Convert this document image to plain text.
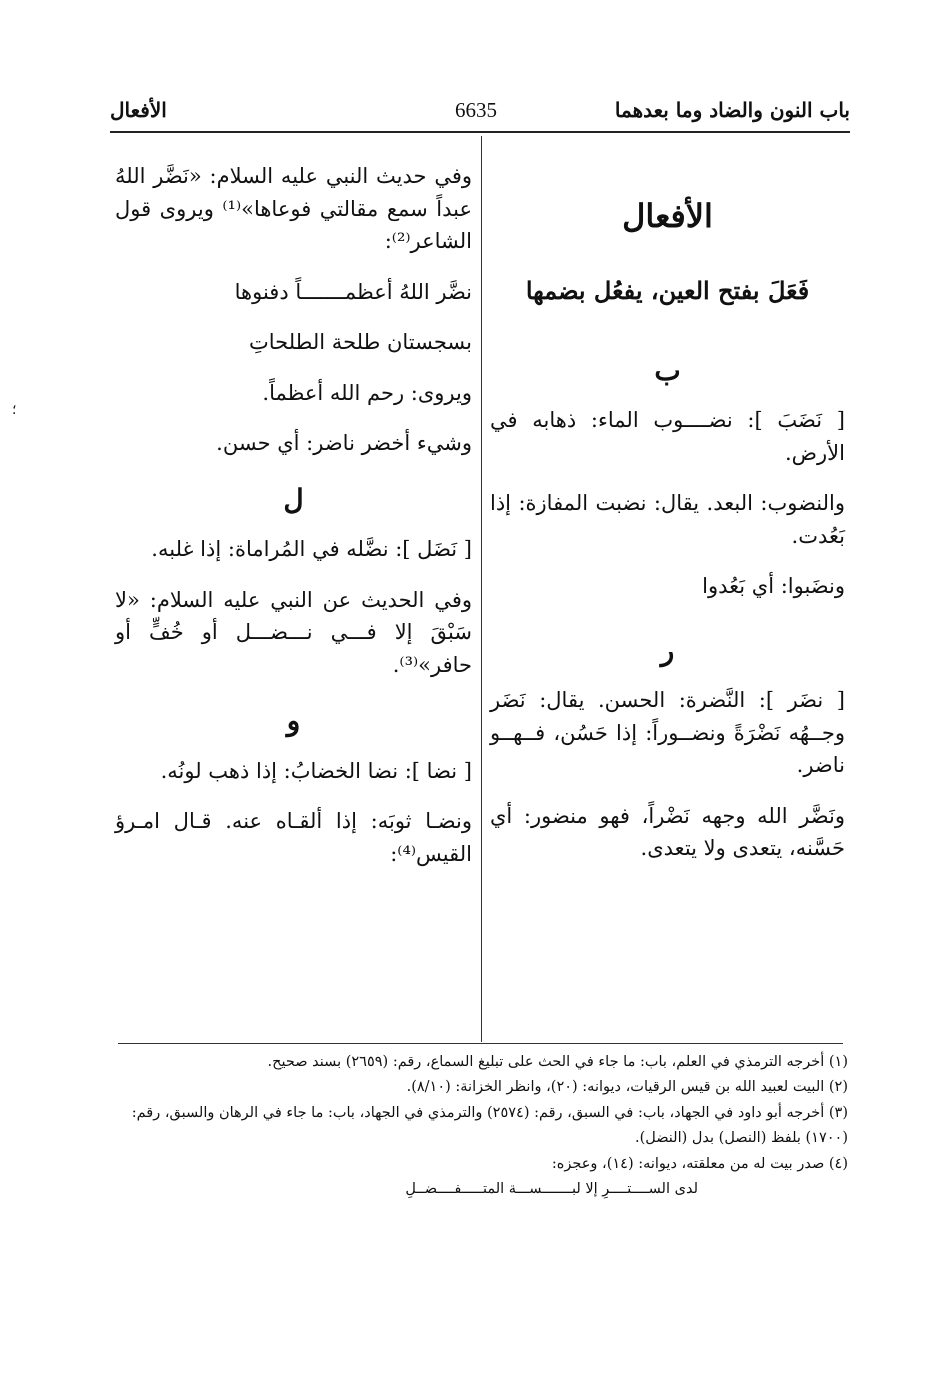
باب النون والضاد وما بعدهما
6635
الأفعال
الأفعال
فَعَلَ بفتح العين، يفعُل بضمها
ب

[ نَضَبَ ]: نضــــوب الماء: ذهابه في الأرض.

والنضوب: البعد. يقال: نضبت المفازة: إذا بَعُدت.

ونضَبوا: أي بَعُدوا

ر

[ نضَر ]: النَّضرة: الحسن. يقال: نَضَر وجــهُه نَضْرَةً ونضــوراً: إذا حَسُن، فــهــو ناضر.

ونَضَّر الله وجهه نَضْراً، فهو منضور: أي حَسَّنه، يتعدى ولا يتعدى.

وفي حديث النبي عليه السلام: «نَضَّر اللهُ عبداً سمع مقالتي فوعاها»⁽¹⁾ ويروى قول الشاعر⁽²⁾:

نضَّر اللهُ أعظمـــــــاً دفنوها

بسجستان طلحة الطلحاتِ

ويروى: رحم الله أعظماً.

وشيء أخضر ناضر: أي حسن.

ل

[ نَضَل ]: نضَّله في المُراماة: إذا غلبه.

وفي الحديث عن النبي عليه السلام: «لا سَبْقَ إلا فـــي نـــضـــل أو خُفٍّ أو حافر»⁽³⁾.

و

[ نضا ]: نضا الخضابُ: إذا ذهب لونُه.

ونضـا ثوبَه: إذا ألقـاه عنه. قـال امـرؤ القيس⁽⁴⁾:

(١) أخرجه الترمذي في العلم، باب: ما جاء في الحث على تبليغ السماع، رقم: (٢٦٥٩) بسند صحيح.
(٢) البيت لعبيد الله بن قيس الرقيات، ديوانه: (٢٠)، وانظر الخزانة: (٨/١٠).
(٣) أخرجه أبو داود في الجهاد، باب: في السبق، رقم: (٢٥٧٤) والترمذي في الجهاد، باب: ما جاء في الرهان والسبق، رقم: (١٧٠٠) بلفظ (النصل) بدل (النضل).
(٤) صدر بيت له من معلقته، ديوانه: (١٤)، وعجزه:
لدى الســــتــــرِ إلا لبـــــــســـة المتـــــفــــضــلِ
؛
